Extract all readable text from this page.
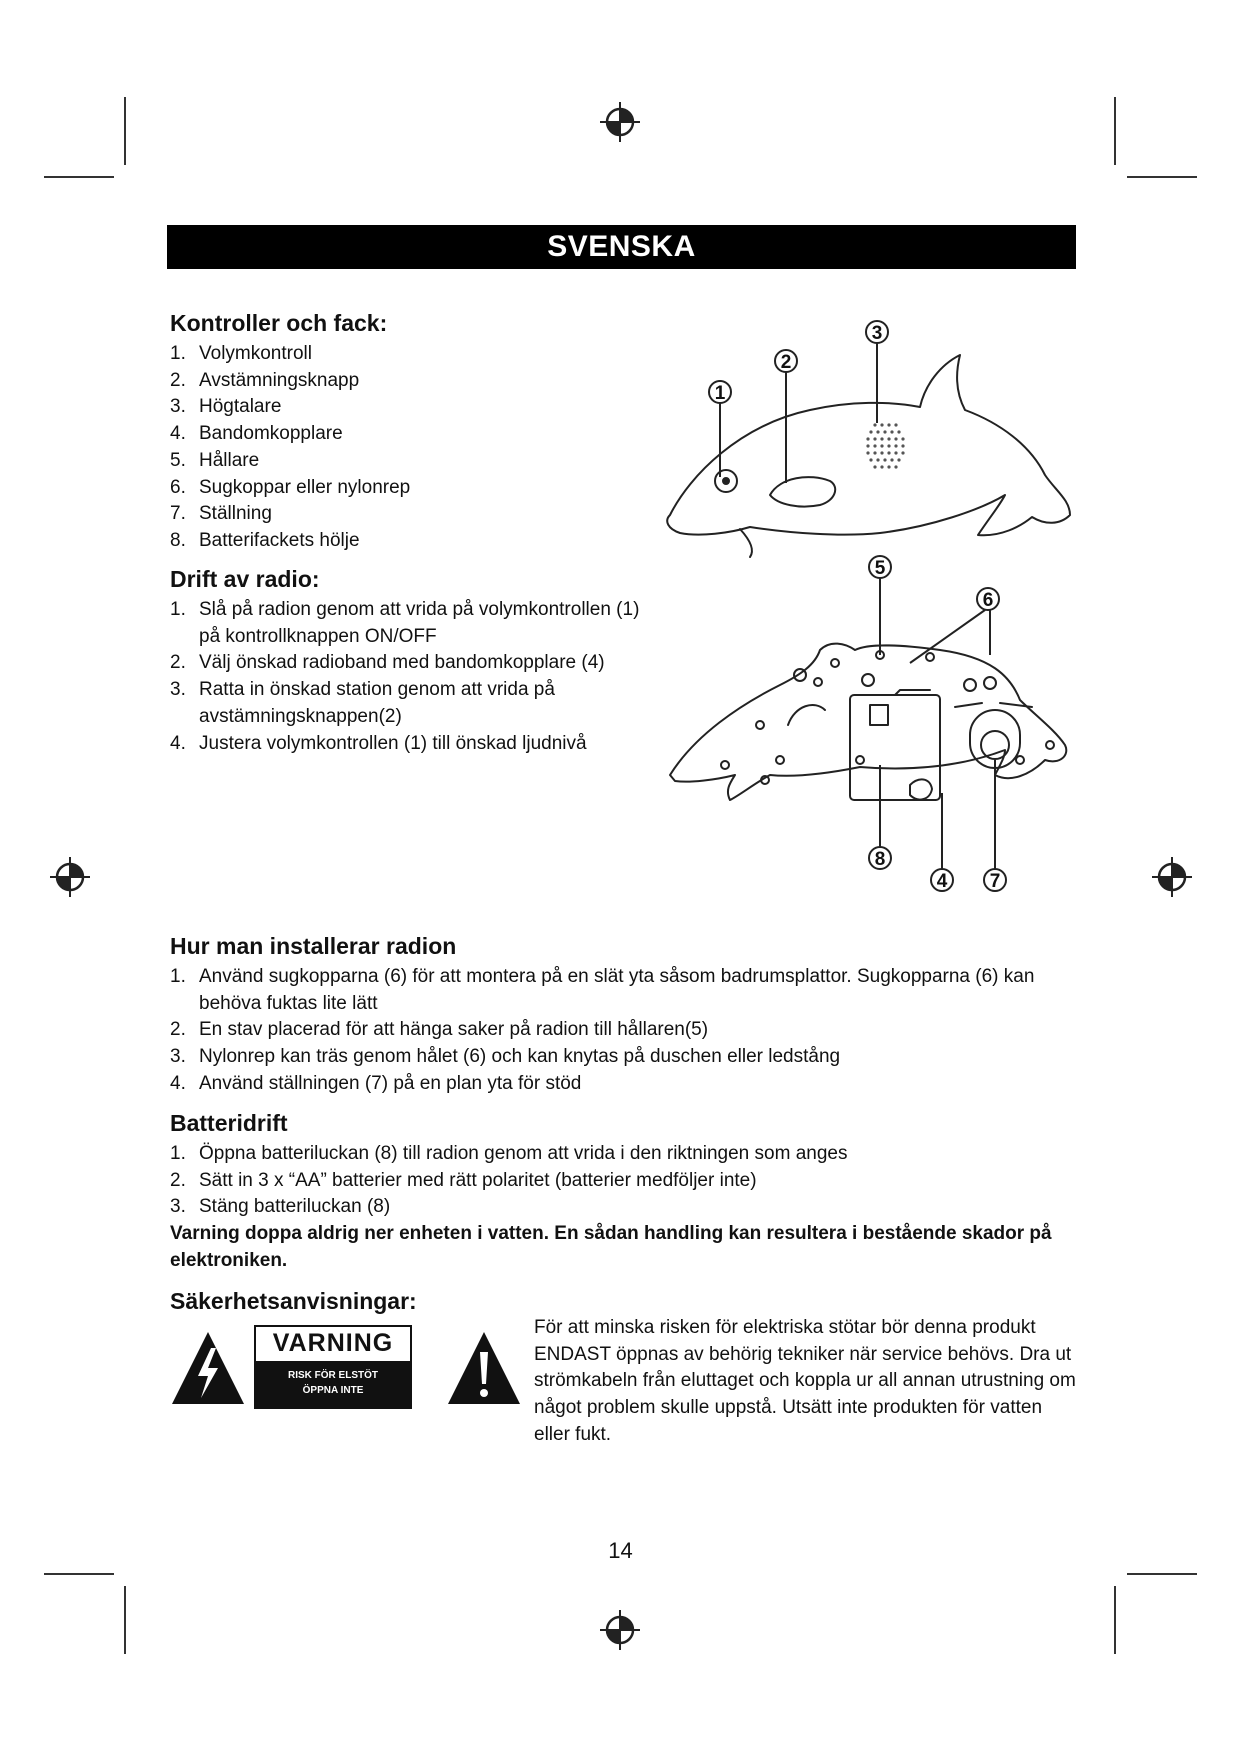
SVENSKA
Kontroller och fack:
1. Volymkontroll
2. Avstämningsknapp
3. Högtalare
4. Bandomkopplare
5. Hållare
6. Sugkoppar eller nylonrep
7. Ställning
8. Batterifackets hölje
Drift av radio:
1. Slå på radion genom att vrida på volymkontrollen (1) på kontrollknappen ON/OFF
2. Välj önskad radioband med bandomkopplare (4)
3. Ratta in önskad station genom att vrida på avstämningsknappen(2)
4. Justera volymkontrollen (1) till önskad ljudnivå
1
2
3
5
6
8
4 7
Hur man installerar radion
1. Använd sugkopparna (6) för att montera på en slät yta såsom badrumsplattor. Sugkopparna (6) kan behöva fuktas lite lätt
2. En stav placerad för att hänga saker på radion till hållaren(5)
3. Nylonrep kan träs genom hålet (6) och kan knytas på duschen eller ledstång
4. Använd ställningen (7) på en plan yta för stöd
Batteridrift
1. Öppna batteriluckan (8) till radion genom att vrida i den riktningen som anges
2. Sätt in 3 x “AA” batterier med rätt polaritet (batterier medföljer inte)
3. Stäng batteriluckan (8)
Varning doppa aldrig ner enheten i vatten. En sådan handling kan resultera i bestående skador på elektroniken.
Säkerhetsanvisningar:
VARNING
RISK FÖR ELSTÖT
ÖPPNA INTE
För att minska risken för elektriska stötar bör denna produkt ENDAST öppnas av behörig tekniker när service behövs. Dra ut strömkabeln från eluttaget och koppla ur all annan utrustning om något problem skulle uppstå. Utsätt inte produkten för vatten eller fukt.
14
